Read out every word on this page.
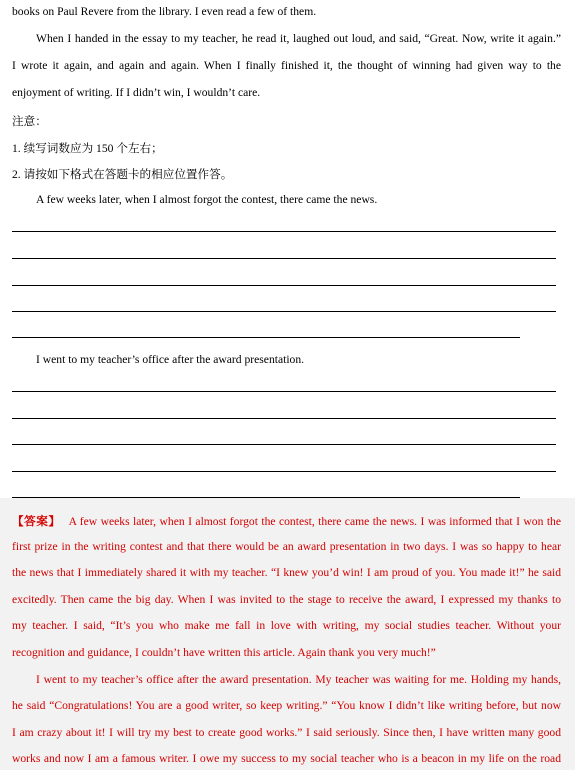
books on Paul Revere from the library. I even read a few of them.
When I handed in the essay to my teacher, he read it, laughed out loud, and said, “Great. Now, write it again.”
I wrote it again, and again and again. When I finally finished it, the thought of winning had given way to the
enjoyment of writing. If I didn’t win, I wouldn’t care.
注意：
1. 续写词数应为 150 个左右；
2. 请按如下格式在答题卡的相应位置作答。
A few weeks later, when I almost forgot the contest, there came the news.
I went to my teacher’s office after the award presentation.
【答案】 A few weeks later, when I almost forgot the contest, there came the news. I was informed that I won the
first prize in the writing contest and that there would be an award presentation in two days. I was so happy to hear
the news that I immediately shared it with my teacher. “I knew you’d win! I am proud of you. You made it!” he said
excitedly. Then came the big day. When I was invited to the stage to receive the award, I expressed my thanks to
my teacher. I said, “It’s you who make me fall in love with writing, my social studies teacher. Without your
recognition and guidance, I couldn’t have written this article. Again thank you very much!”
I went to my teacher’s office after the award presentation. My teacher was waiting for me. Holding my hands,
he said “Congratulations! You are a good writer, so keep writing.” “You know I didn’t like writing before, but now
I am crazy about it! I will try my best to create good works.” I said seriously. Since then, I have written many good
works and now I am a famous writer. I owe my success to my social teacher who is a beacon in my life on the road
